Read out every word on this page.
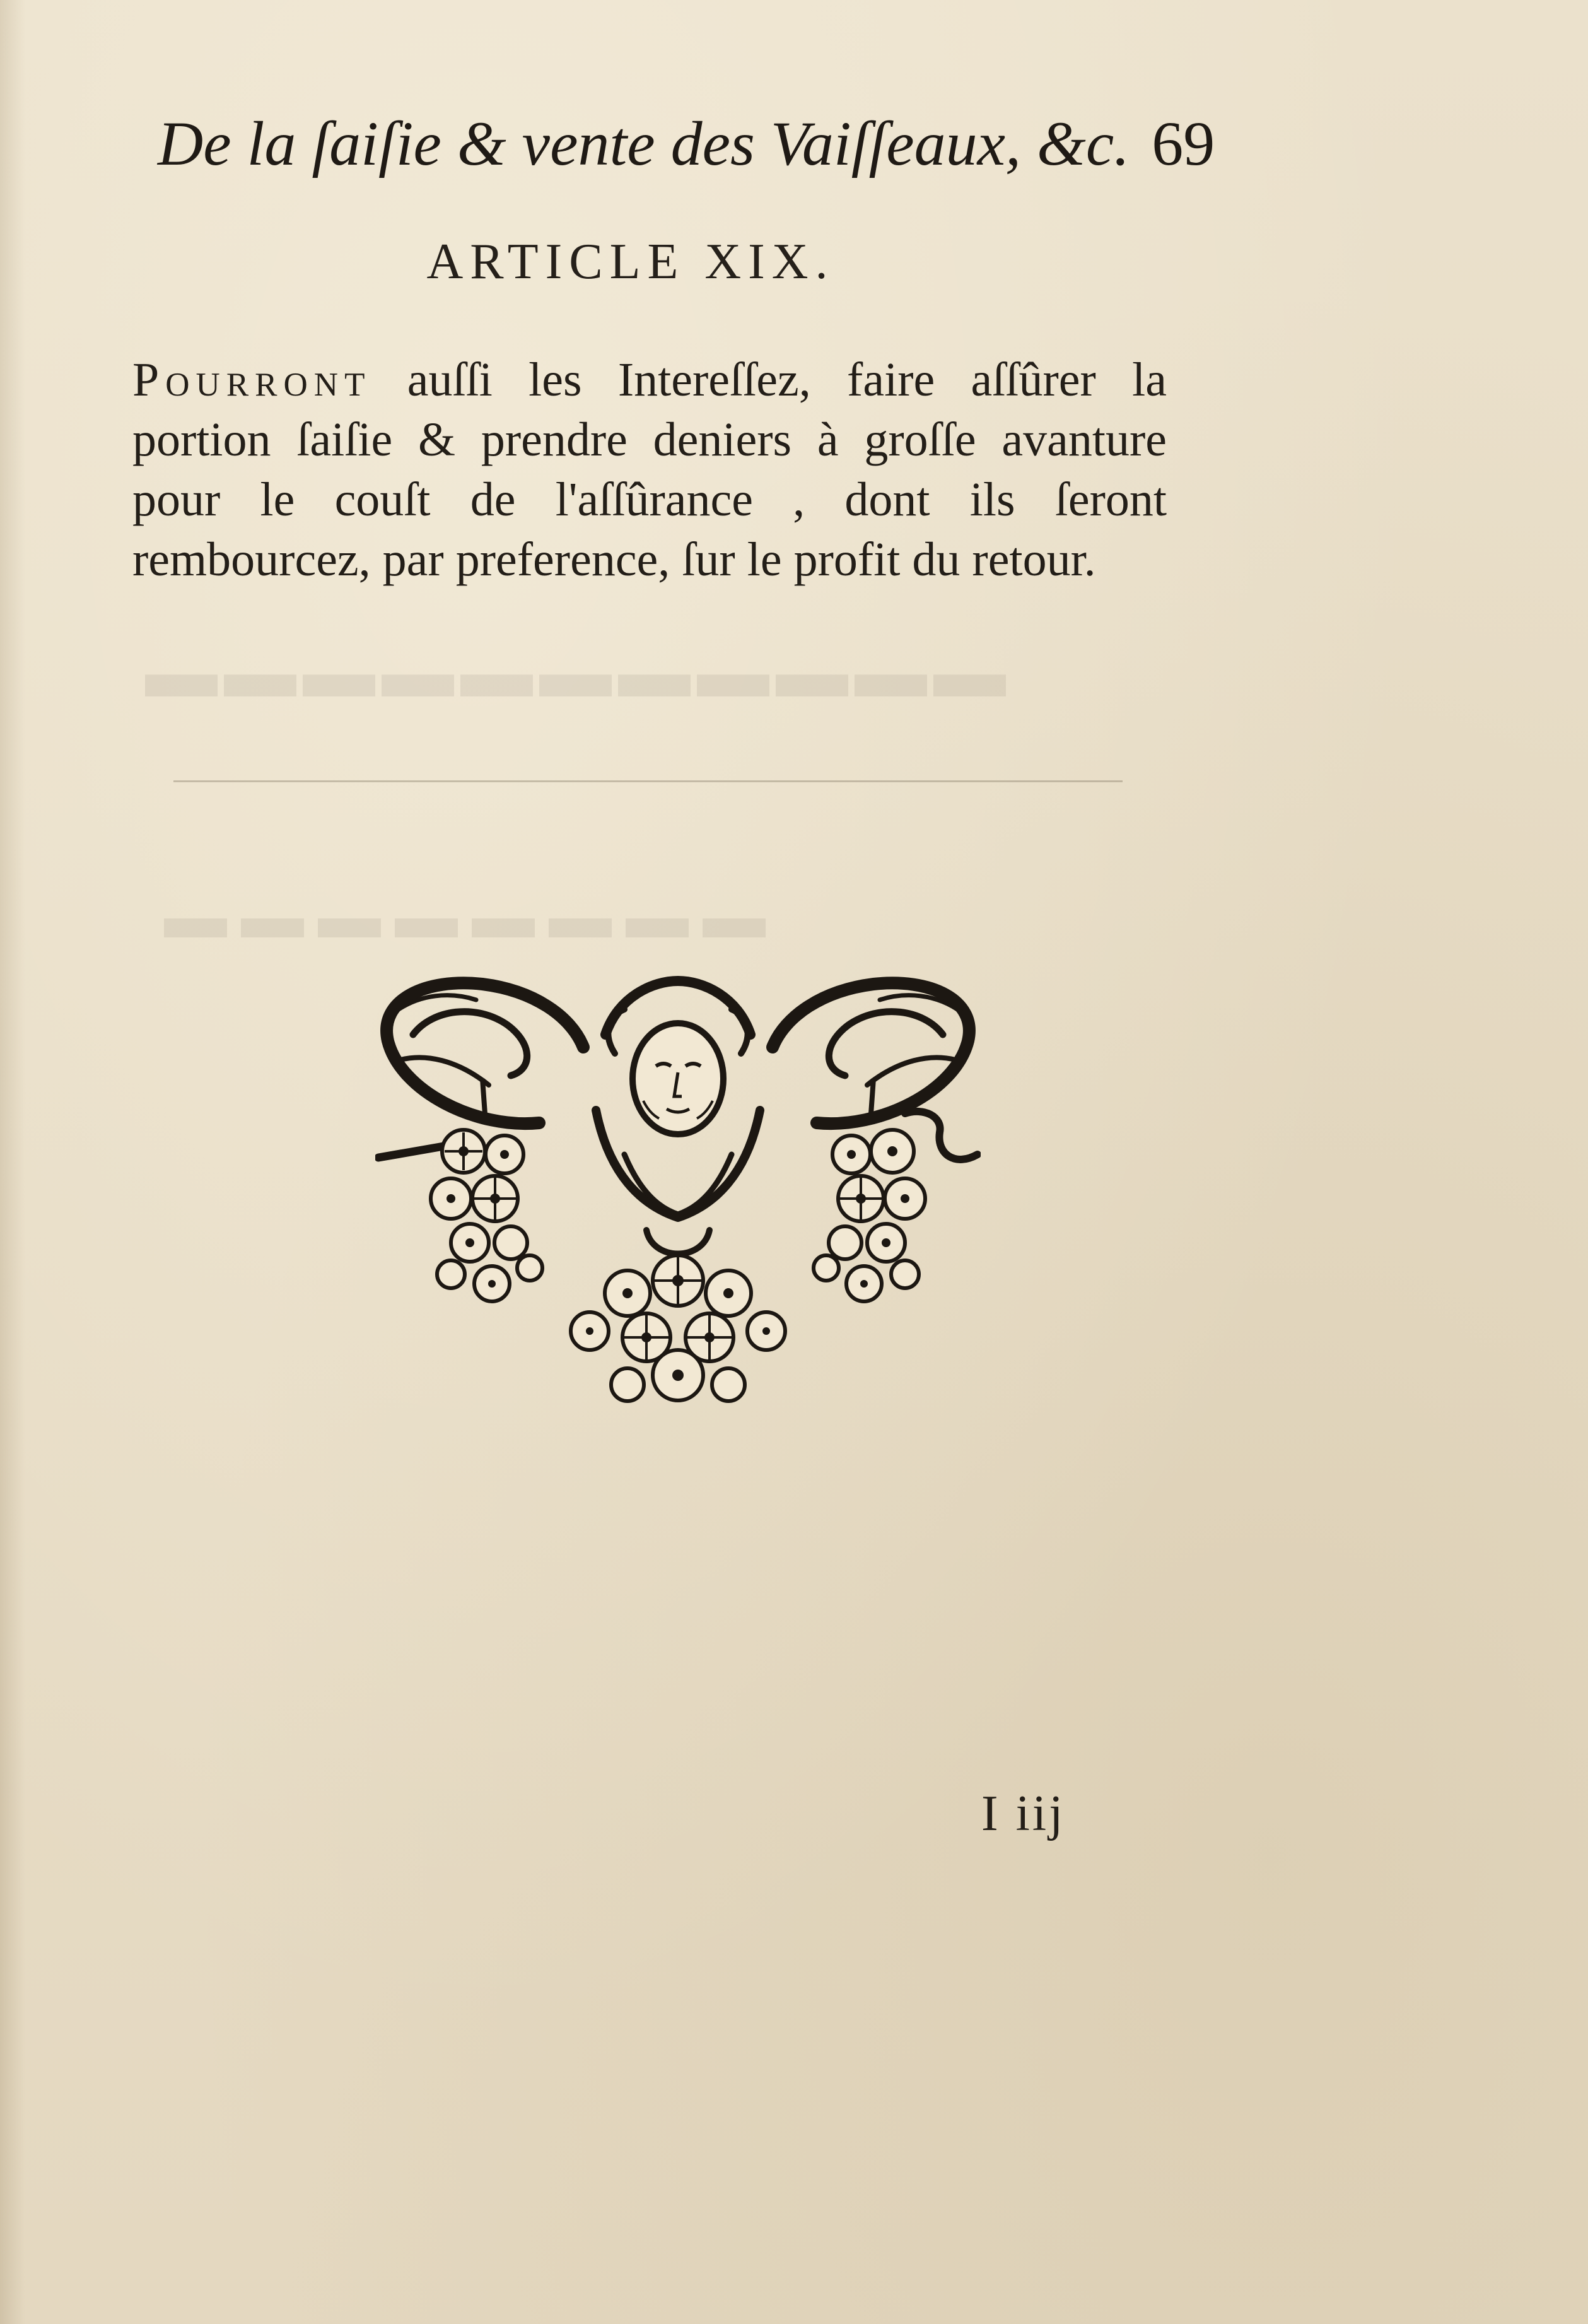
▬▬▬▬▬▬▬▬▬▬▬
▬▬▬▬▬▬▬▬
De la ſaiſie & vente des Vaiſſeaux, &c. 69
ARTICLE XIX.

Pourront auſſi les Intereſſez, faire aſſûrer la portion ſaiſie & prendre deniers à groſſe avanture pour le couſt de l'aſſûrance , dont ils ſeront rembourcez, par preference, ſur le profit du retour.

I iij
